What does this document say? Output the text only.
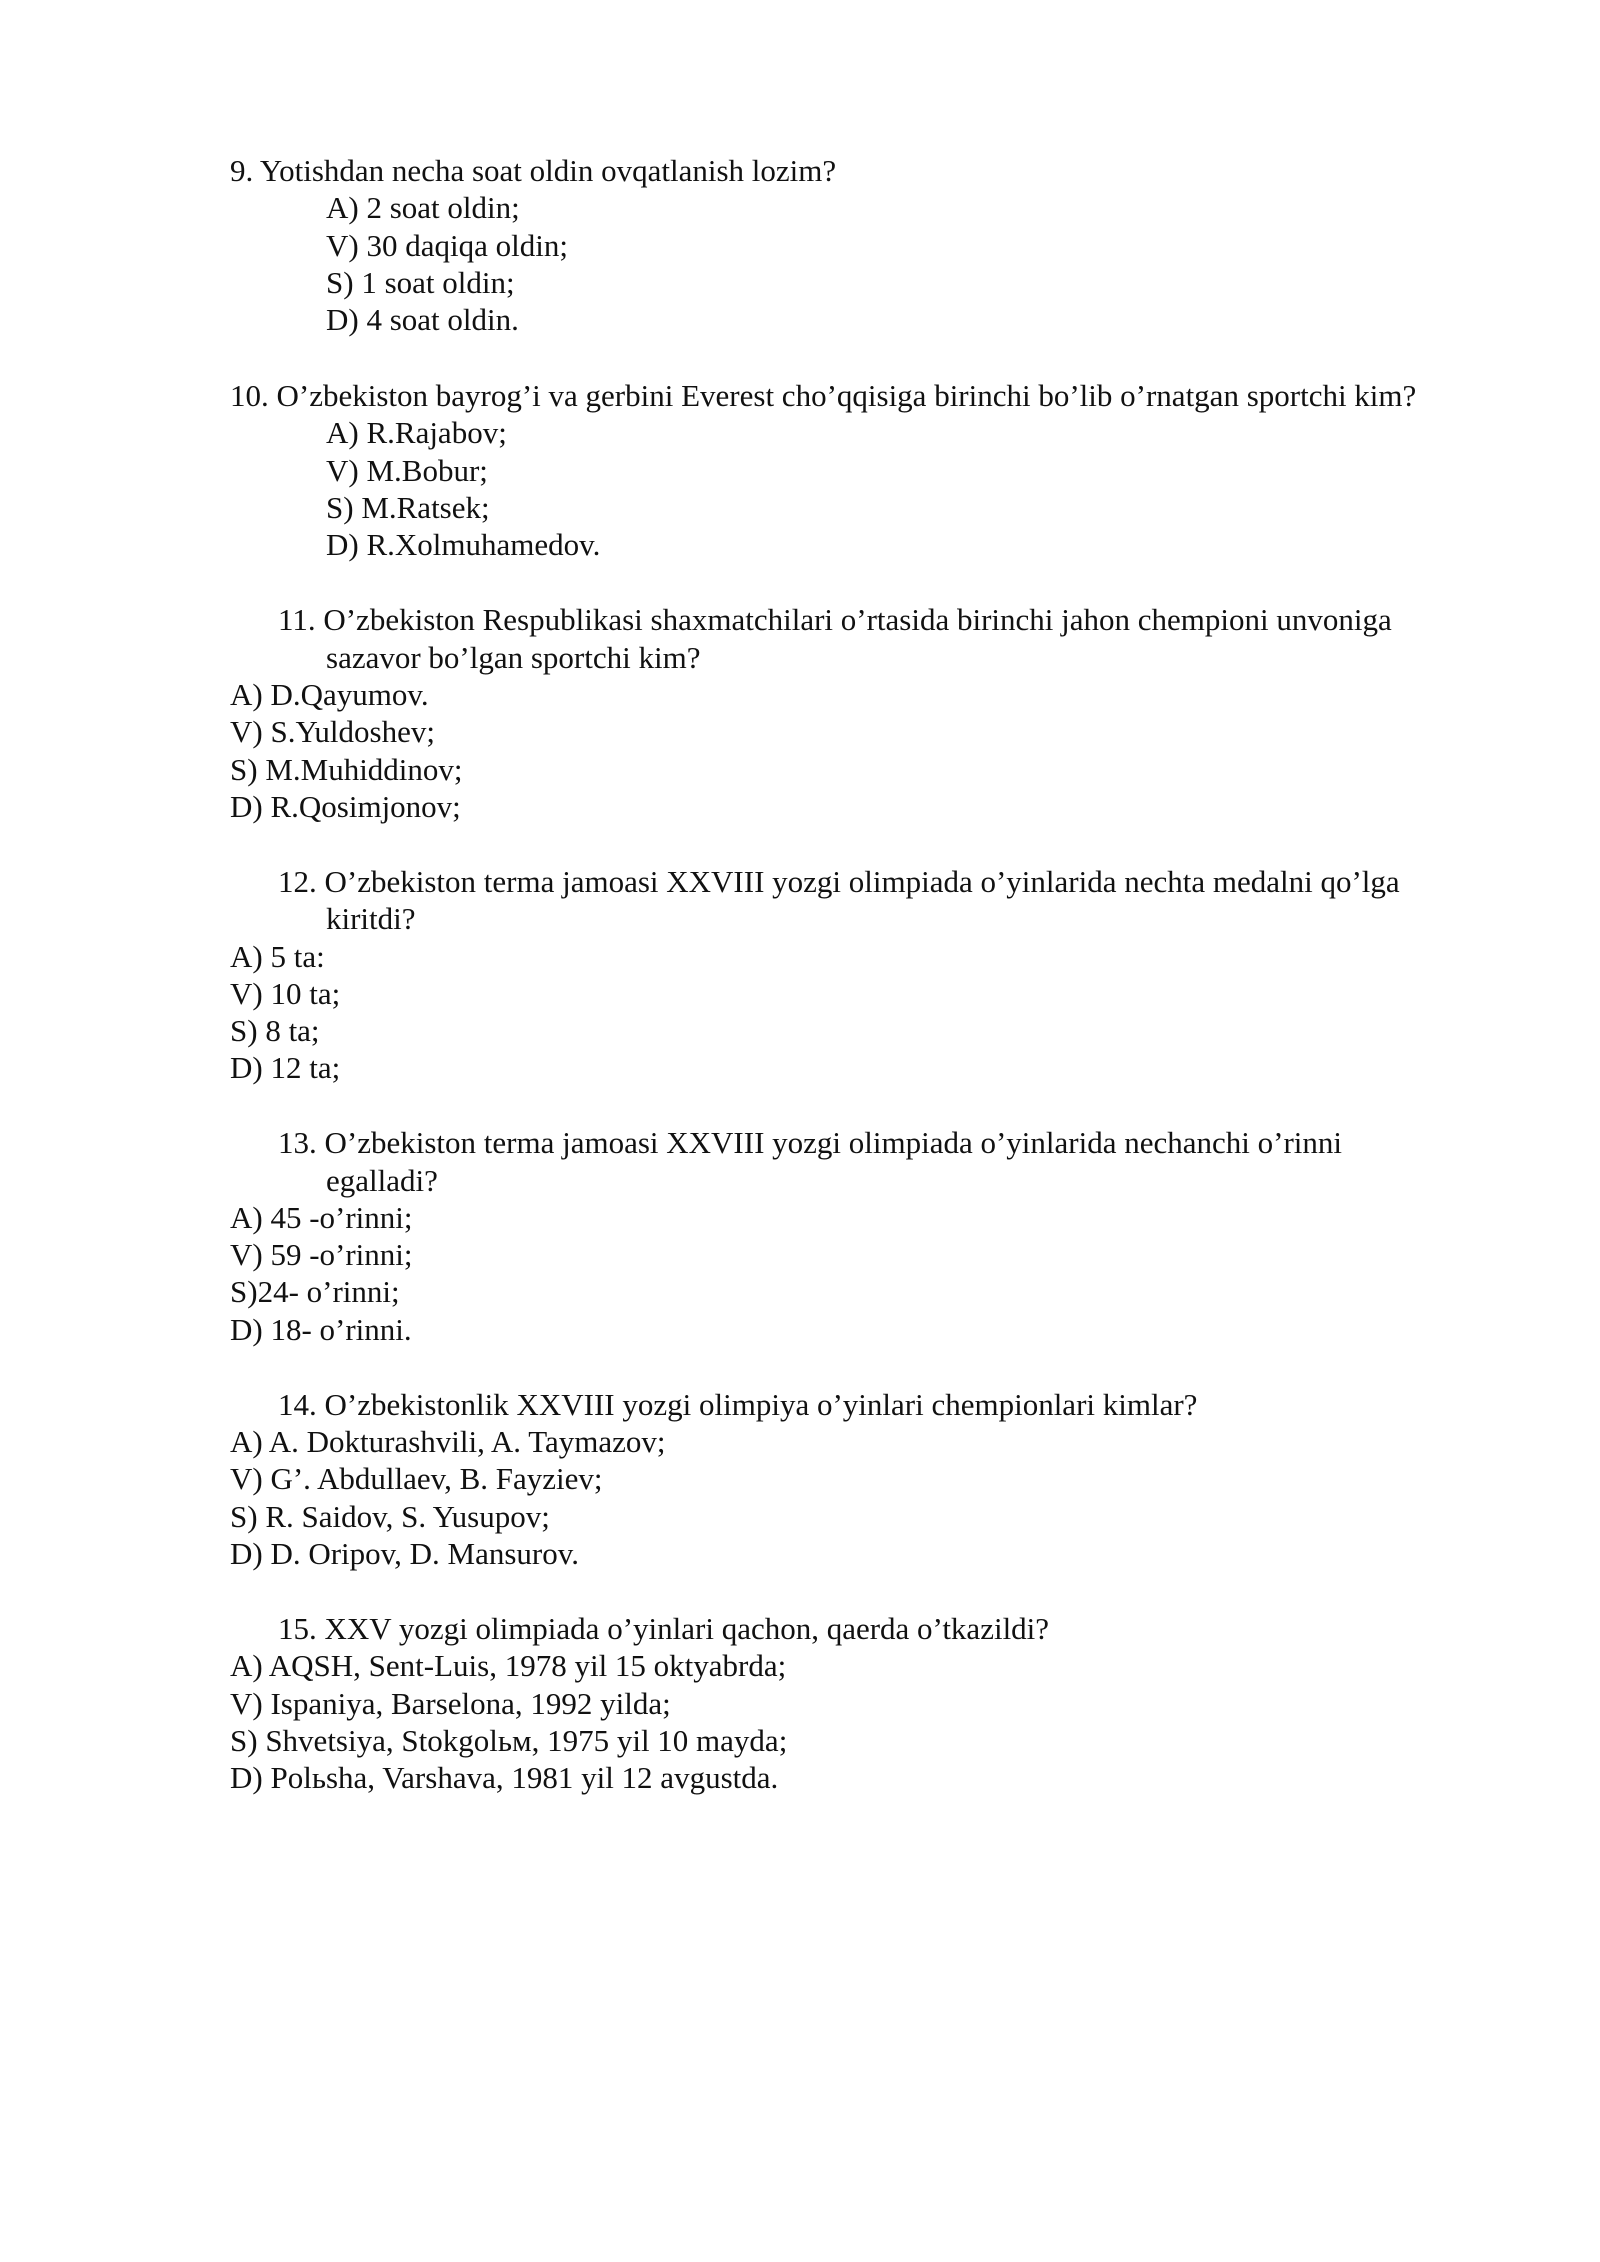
9. Yotishdan necha soat oldin ovqatlanish lozim?
A) 2 soat oldin;
V) 30 daqiqa oldin;
S) 1 soat oldin;
D) 4 soat oldin.
10. O’zbekiston bayrog’i va gerbini Everest cho’qqisiga birinchi bo’lib o’rnatgan sportchi kim?
A) R.Rajabov;
V) M.Bobur;
S) M.Ratsek;
D) R.Xolmuhamedov.
11. O’zbekiston Respublikasi shaxmatchilari o’rtasida birinchi jahon chempioni unvoniga
sazavor bo’lgan sportchi kim?
A) D.Qayumov.
V) S.Yuldoshev;
S) M.Muhiddinov;
D) R.Qosimjonov;
12. O’zbekiston terma jamoasi XXVIII yozgi olimpiada o’yinlarida nechta medalni qo’lga
kiritdi?
A) 5 ta:
V) 10 ta;
S) 8 ta;
D) 12 ta;
13. O’zbekiston terma jamoasi XXVIII yozgi olimpiada o’yinlarida nechanchi o’rinni
egalladi?
A) 45 -o’rinni;
V) 59 -o’rinni;
S)24- o’rinni;
D) 18- o’rinni.
14. O’zbekistonlik XXVIII yozgi olimpiya o’yinlari chempionlari kimlar?
A) A. Dokturashvili, A. Taymazov;
V) G’. Abdullaev, B. Fayziev;
S) R. Saidov, S. Yusupov;
D) D. Oripov, D. Mansurov.
15. XXV yozgi olimpiada o’yinlari qachon, qaerda o’tkazildi?
A) AQSH, Sent-Luis, 1978 yil 15 oktyabrda;
V) Ispaniya, Barselona, 1992 yilda;
S) Shvetsiya, Stokgolьм, 1975 yil 10 mayda;
D) Polьsha, Varshava, 1981 yil 12 avgustda.
